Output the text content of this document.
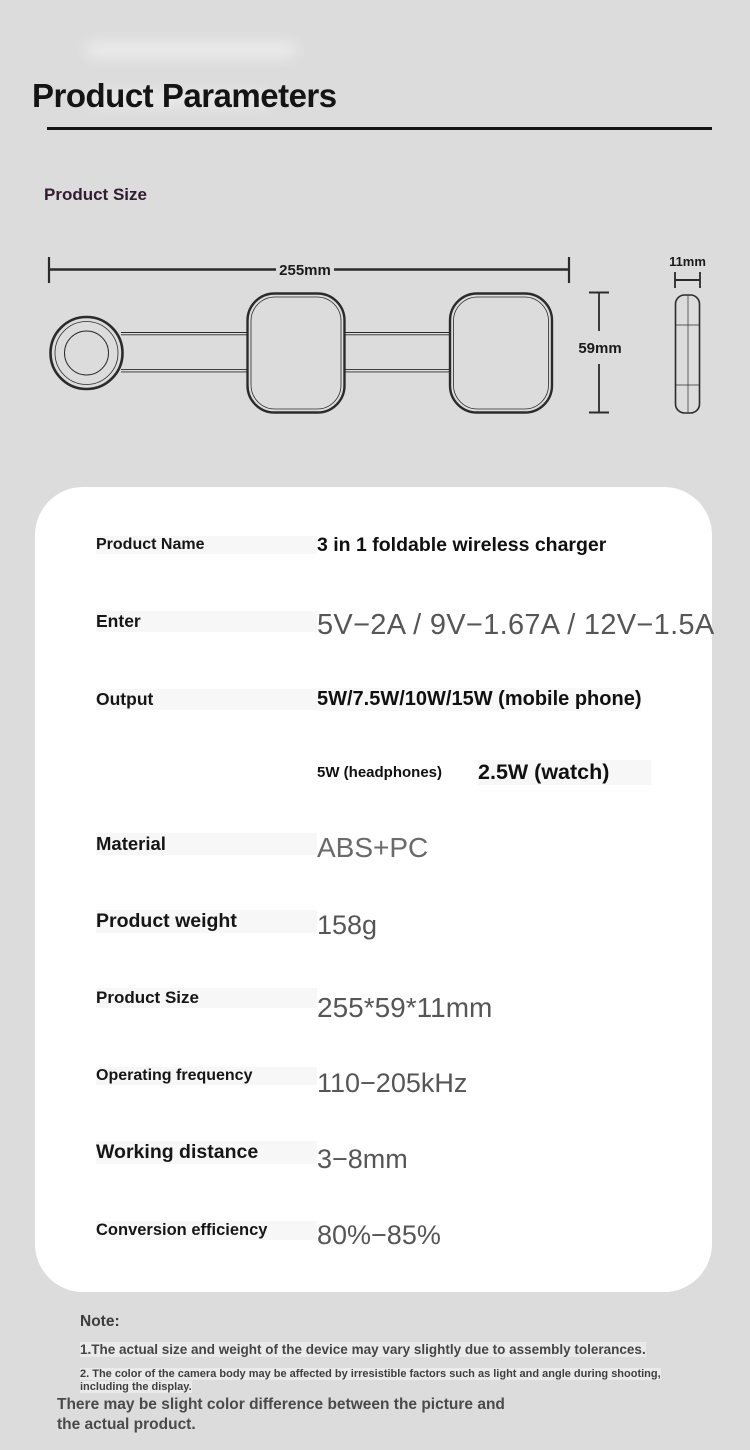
Product Parameters
Product Size
255mm
59mm
11mm
Product Name	3 in 1 foldable wireless charger
Enter	5V−2A / 9V−1.67A / 12V−1.5A
Output	5W/7.5W/10W/15W (mobile phone)
5W (headphones) 2.5W (watch)
Material	ABS+PC
Product weight	158g
Product Size	255*59*11mm
Operating frequency	110−205kHz
Working distance	3−8mm
Conversion efficiency	80%−85%
Note:
1.The actual size and weight of the device may vary slightly due to assembly tolerances.
2. The color of the camera body may be affected by irresistible factors such as light and angle during shooting, including the display.
There may be slight color difference between the picture and the actual product.
